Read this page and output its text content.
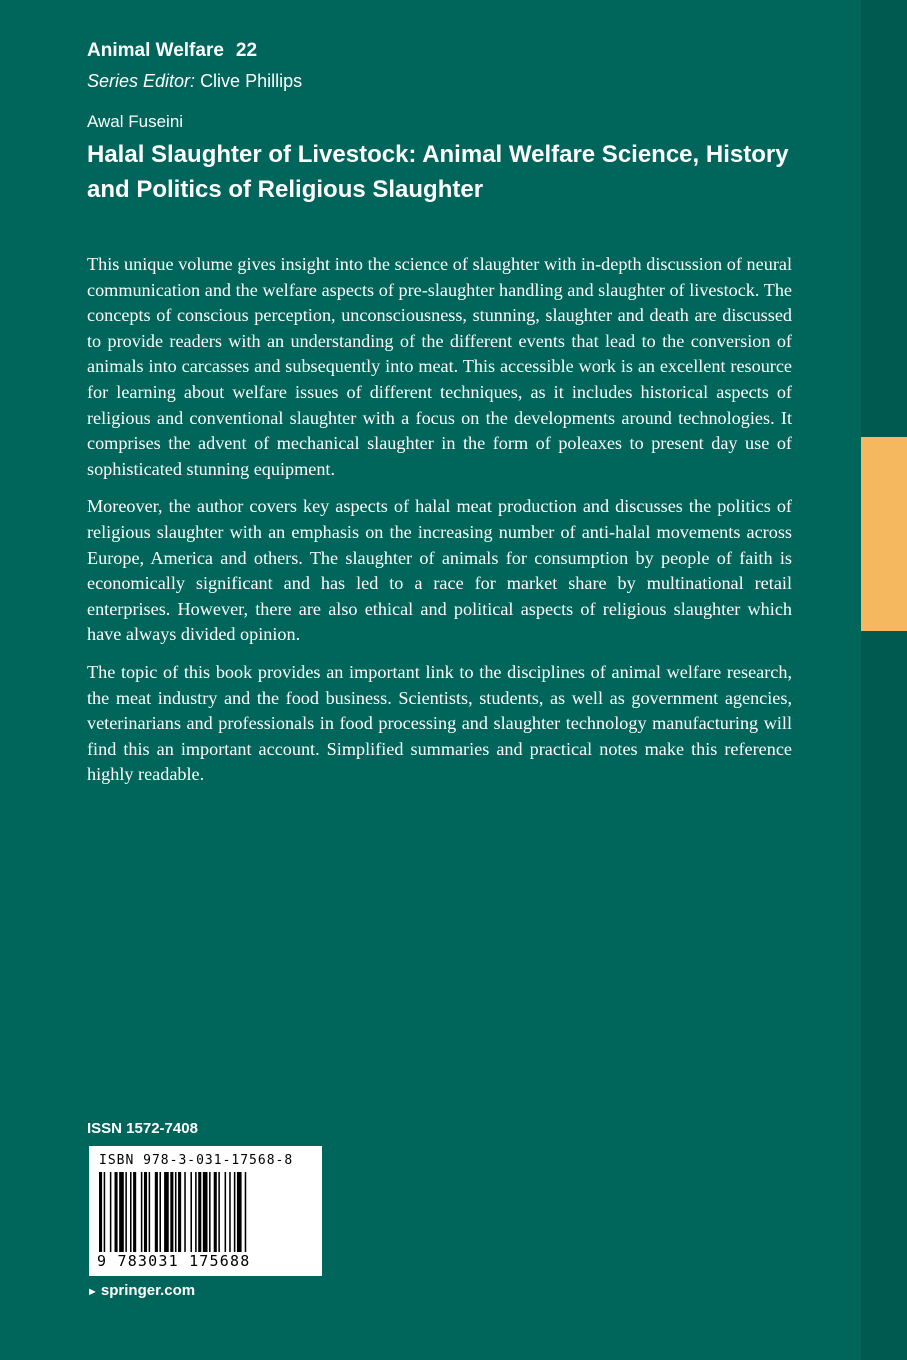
Animal Welfare 22
Series Editor: Clive Phillips
Awal Fuseini
Halal Slaughter of Livestock: Animal Welfare Science, History and Politics of Religious Slaughter

This unique volume gives insight into the science of slaughter with in-depth discussion of neural communication and the welfare aspects of pre-slaughter handling and slaughter of livestock. The concepts of conscious perception, unconsciousness, stunning, slaughter and death are discussed to provide readers with an understanding of the different events that lead to the conversion of animals into carcasses and subsequently into meat. This accessible work is an excellent resource for learning about welfare issues of different techniques, as it includes historical aspects of religious and conventional slaughter with a focus on the developments around technologies. It comprises the advent of mechanical slaughter in the form of poleaxes to present day use of sophisticated stunning equipment.

Moreover, the author covers key aspects of halal meat production and discusses the politics of religious slaughter with an emphasis on the increasing number of anti-halal movements across Europe, America and others. The slaughter of animals for consumption by people of faith is economically significant and has led to a race for market share by multinational retail enterprises. However, there are also ethical and political aspects of religious slaughter which have always divided opinion.

The topic of this book provides an important link to the disciplines of animal welfare research, the meat industry and the food business. Scientists, students, as well as government agencies, veterinarians and professionals in food processing and slaughter technology manufacturing will find this an important account. Simplified summaries and practical notes make this reference highly readable.

ISSN 1572-7408
ISBN 978-3-031-17568-8
9 783031 175688
► springer.com
